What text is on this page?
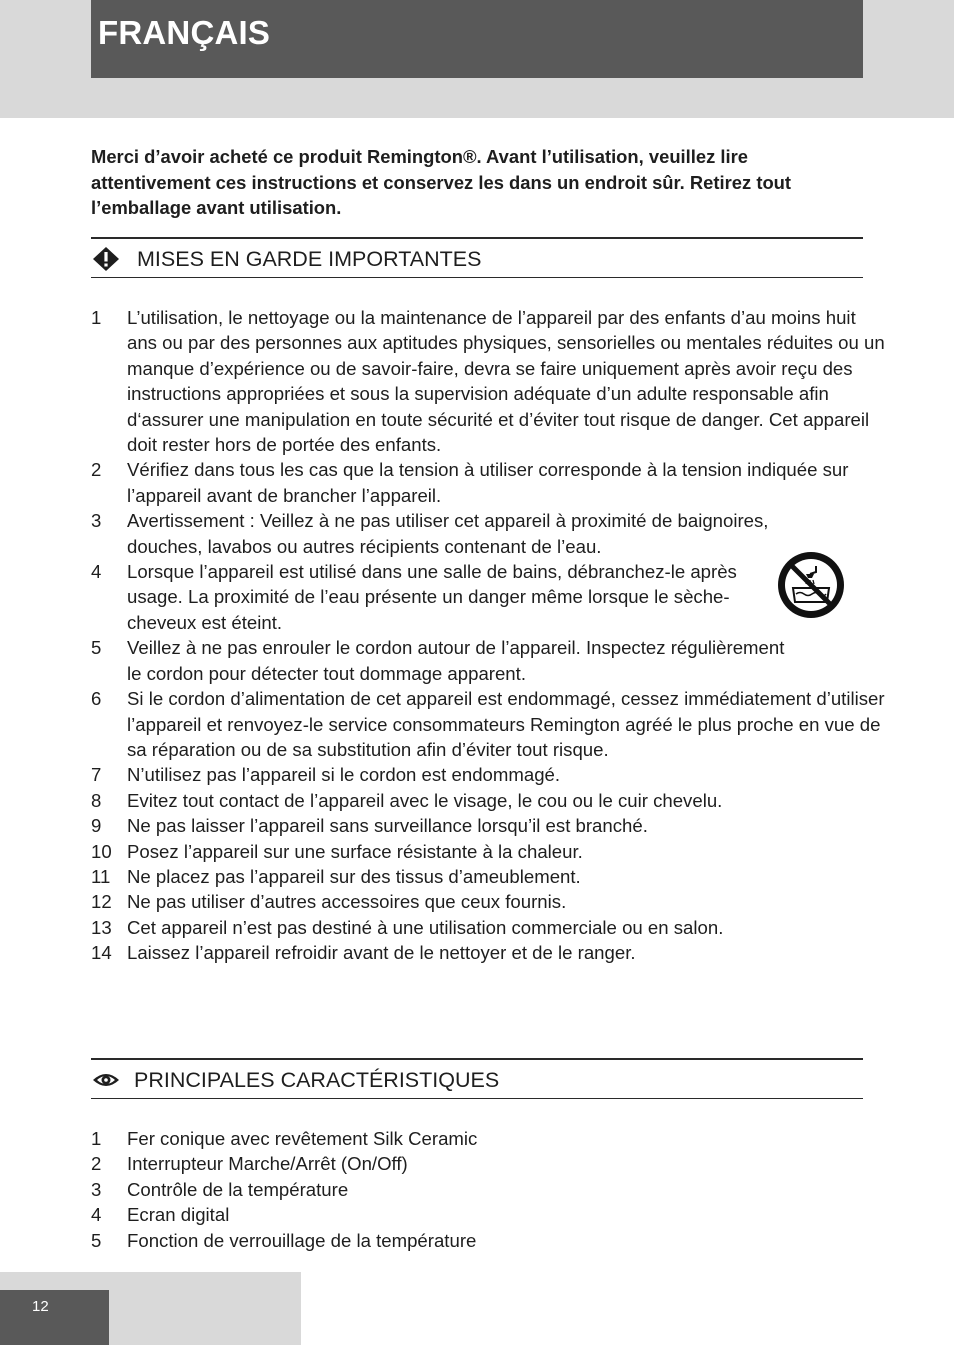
FRANÇAIS

Merci d’avoir acheté ce produit Remington®. Avant l’utilisation, veuillez lire attentivement ces instructions et conservez les dans un endroit sûr. Retirez tout l’emballage avant utilisation.

MISES EN GARDE IMPORTANTES
1 L’utilisation, le nettoyage ou la maintenance de l’appareil par des enfants d’au moins huit ans ou par des personnes aux aptitudes physiques, sensorielles ou mentales réduites ou un manque d’expérience ou de savoir-faire, devra se faire uniquement après avoir reçu des instructions appropriées et sous la supervision adéquate d’un adulte responsable afin d‘assurer une manipulation en toute sécurité et d’éviter tout risque de danger. Cet appareil doit rester hors de portée des enfants.
2 Vérifiez dans tous les cas que la tension à utiliser corresponde à la tension indiquée sur l’appareil avant de brancher l’appareil.
3 Avertissement : Veillez à ne pas utiliser cet appareil à proximité de baignoires, douches, lavabos ou autres récipients contenant de l’eau.
4 Lorsque l’appareil est utilisé dans une salle de bains, débranchez-le après usage. La proximité de l’eau présente un danger même lorsque le sèche-cheveux est éteint.
5 Veillez à ne pas enrouler le cordon autour de l’appareil. Inspectez régulièrement le cordon pour détecter tout dommage apparent.
6 Si le cordon d’alimentation de cet appareil est endommagé, cessez immédiatement d’utiliser l’appareil et renvoyez-le service consommateurs Remington agréé le plus proche en vue de sa réparation ou de sa substitution afin d’éviter tout risque.
7 N’utilisez pas l’appareil si le cordon est endommagé.
8 Evitez tout contact de l’appareil avec le visage, le cou ou le cuir chevelu.
9 Ne pas laisser l’appareil sans surveillance lorsqu’il est branché.
10 Posez l’appareil sur une surface résistante à la chaleur.
11 Ne placez pas l’appareil sur des tissus d’ameublement.
12 Ne pas utiliser d’autres accessoires que ceux fournis.
13 Cet appareil n’est pas destiné à une utilisation commerciale ou en salon.
14 Laissez l’appareil refroidir avant de le nettoyer et de le ranger.
PRINCIPALES CARACTÉRISTIQUES
1 Fer conique avec revêtement Silk Ceramic
2 Interrupteur Marche/Arrêt (On/Off)
3 Contrôle de la température
4 Ecran digital
5 Fonction de verrouillage de la température
12
